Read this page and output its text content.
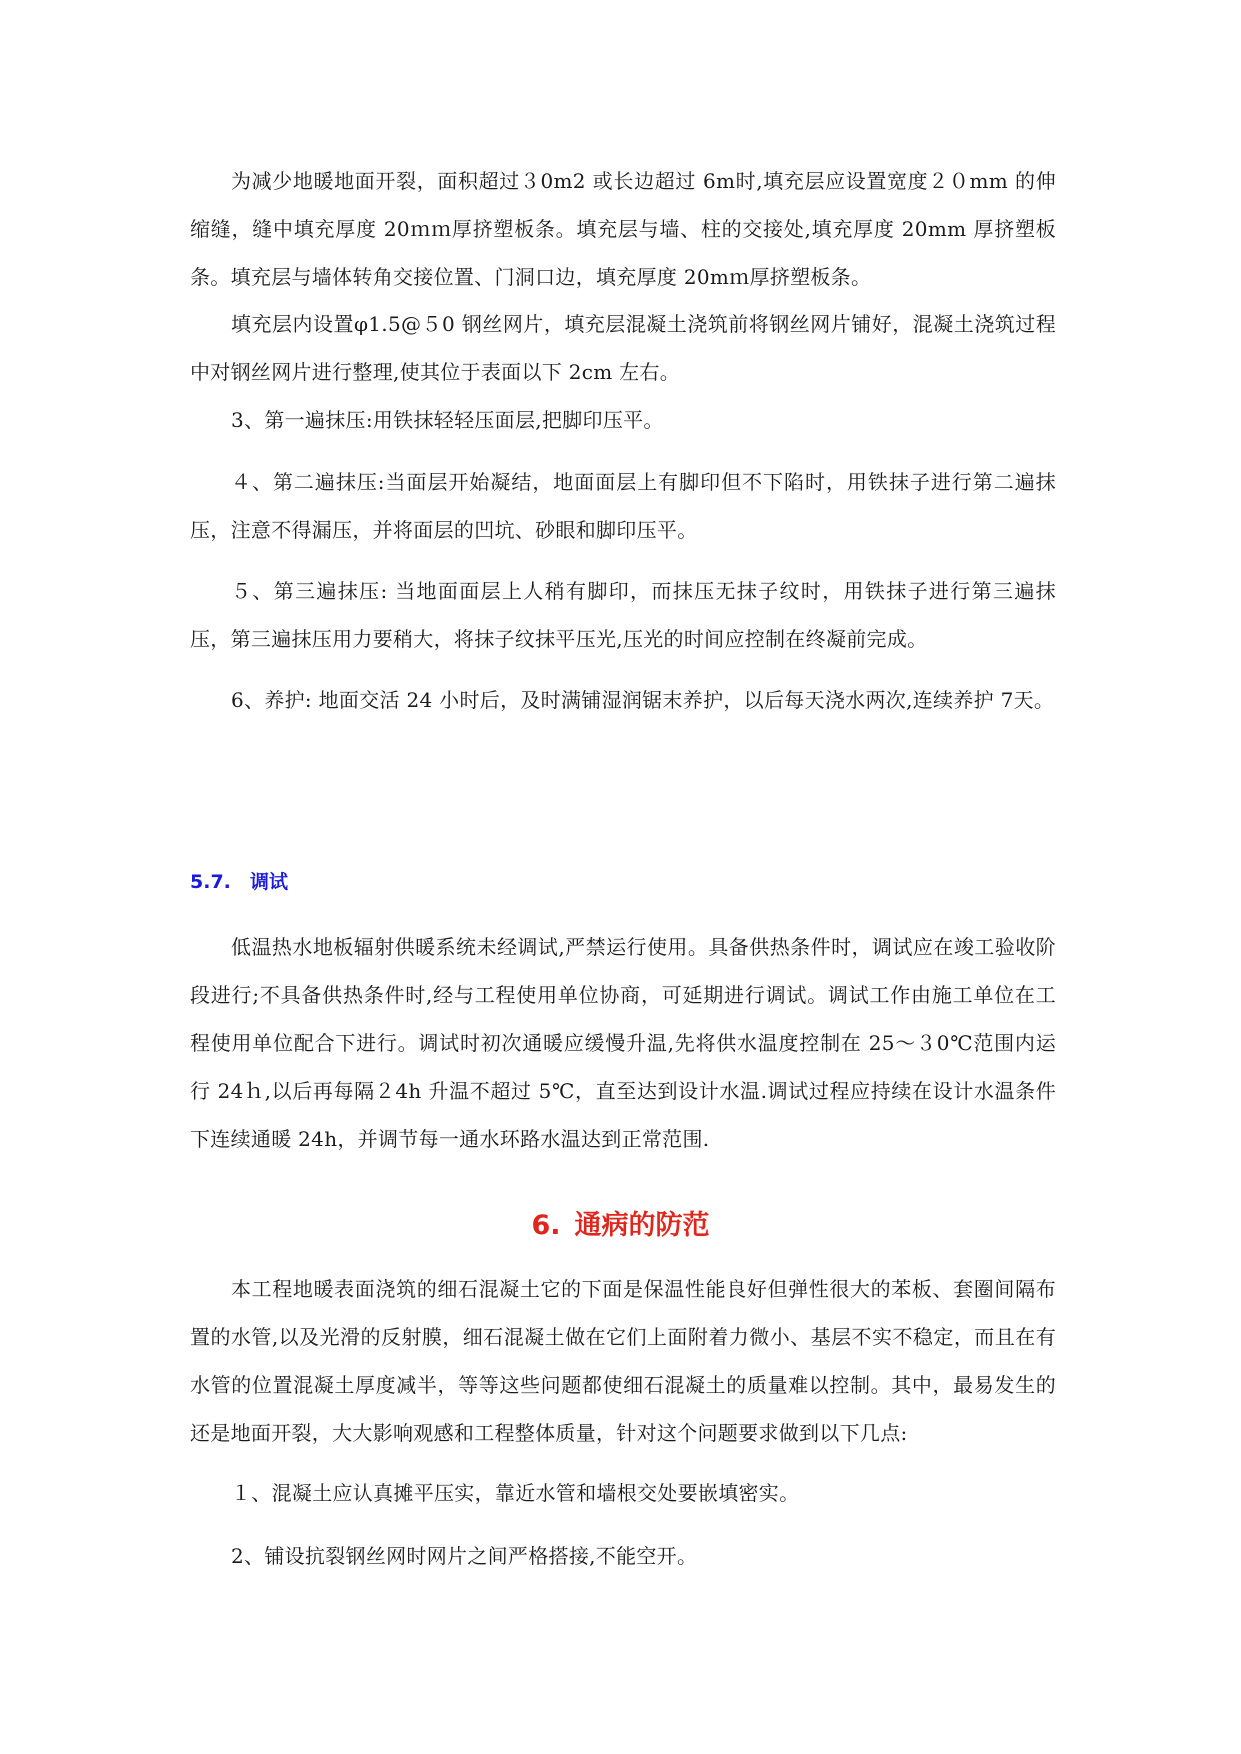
为减少地暖地面开裂，面积超过３0m2 或长边超过 6m时,填充层应设置宽度２０mm 的伸缩缝，缝中填充厚度 20ｍｍ厚挤塑板条。填充层与墙、柱的交接处,填充厚度 20mm 厚挤塑板条。填充层与墙体转角交接位置、门洞口边，填充厚度 20mｍ厚挤塑板条。

填充层内设置φ1.5@５0 钢丝网片，填充层混凝土浇筑前将钢丝网片铺好，混凝土浇筑过程中对钢丝网片进行整理,使其位于表面以下 2cm 左右。

3、第一遍抹压:用铁抹轻轻压面层,把脚印压平。

４、第二遍抹压:当面层开始凝结，地面面层上有脚印但不下陷时，用铁抹子进行第二遍抹压，注意不得漏压，并将面层的凹坑、砂眼和脚印压平。

５、第三遍抹压: 当地面面层上人稍有脚印，而抹压无抹子纹时，用铁抹子进行第三遍抹压，第三遍抹压用力要稍大，将抹子纹抹平压光,压光的时间应控制在终凝前完成。

6、养护: 地面交活 24 小时后，及时满铺湿润锯末养护，以后每天浇水两次,连续养护 7天。

5.7. 调试

低温热水地板辐射供暖系统未经调试,严禁运行使用。具备供热条件时，调试应在竣工验收阶段进行;不具备供热条件时,经与工程使用单位协商，可延期进行调试。调试工作由施工单位在工程使用单位配合下进行。调试时初次通暖应缓慢升温,先将供水温度控制在 25～３0℃范围内运行 24ｈ,以后再每隔２4h 升温不超过 5℃，直至达到设计水温.调试过程应持续在设计水温条件下连续通暖 24h，并调节每一通水环路水温达到正常范围.

6. 通病的防范

本工程地暖表面浇筑的细石混凝土它的下面是保温性能良好但弹性很大的苯板、套圈间隔布置的水管,以及光滑的反射膜，细石混凝土做在它们上面附着力微小、基层不实不稳定，而且在有水管的位置混凝土厚度减半，等等这些问题都使细石混凝土的质量难以控制。其中，最易发生的还是地面开裂，大大影响观感和工程整体质量，针对这个问题要求做到以下几点:

１、混凝土应认真摊平压实，靠近水管和墙根交处要嵌填密实。

2、铺设抗裂钢丝网时网片之间严格搭接,不能空开。
